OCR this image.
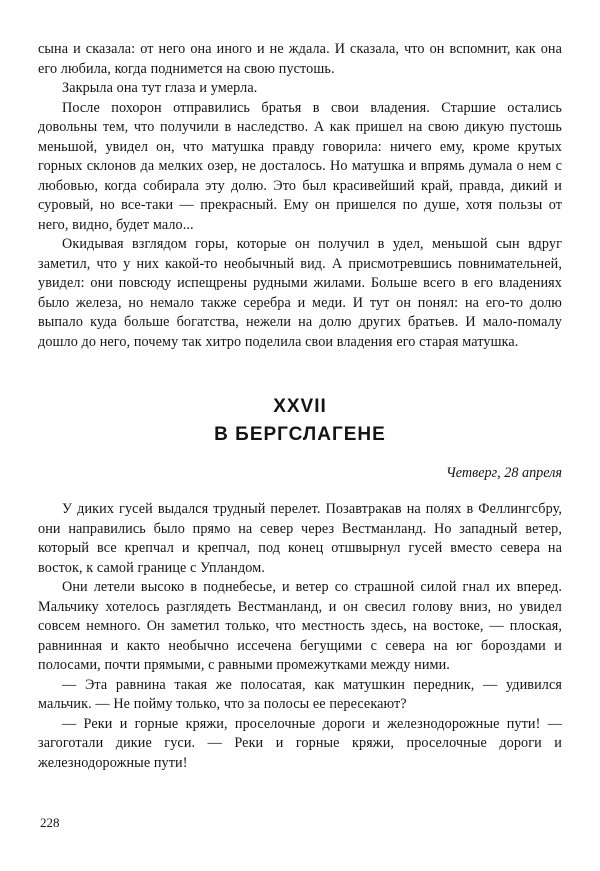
сына и сказала: от него она иного и не ждала. И сказала, что он вспомнит, как она его любила, когда поднимется на свою пустошь.

Закрыла она тут глаза и умерла.

После похорон отправились братья в свои владения. Старшие остались довольны тем, что получили в наследство. А как пришел на свою дикую пустошь меньшой, увидел он, что матушка правду говорила: ничего ему, кроме крутых горных склонов да мелких озер, не досталось. Но матушка и впрямь думала о нем с любовью, когда собирала эту долю. Это был красивейший край, правда, дикий и суровый, но все-таки — прекрасный. Ему он пришелся по душе, хотя пользы от него, видно, будет мало...

Окидывая взглядом горы, которые он получил в удел, меньшой сын вдруг заметил, что у них какой-то необычный вид. А присмотревшись повнимательней, увидел: они повсюду испещрены рудными жилами. Больше всего в его владениях было железа, но немало также серебра и меди. И тут он понял: на его-то долю выпало куда больше богатства, нежели на долю других братьев. И мало-помалу дошло до него, почему так хитро поделила свои владения его старая матушка.

XXVII
В БЕРГСЛАГЕНЕ
Четверг, 28 апреля

У диких гусей выдался трудный перелет. Позавтракав на полях в Феллингсбру, они направились было прямо на север через Вестманланд. Но западный ветер, который все крепчал и крепчал, под конец отшвырнул гусей вместо севера на восток, к самой границе с Упландом.

Они летели высоко в поднебесье, и ветер со страшной силой гнал их вперед. Мальчику хотелось разглядеть Вестманланд, и он свесил голову вниз, но увидел совсем немного. Он заметил только, что местность здесь, на востоке, — плоская, равнинная и както необычно иссечена бегущими с севера на юг бороздами и полосами, почти прямыми, с равными промежутками между ними.

— Эта равнина такая же полосатая, как матушкин передник, — удивился мальчик. — Не пойму только, что за полосы ее пересекают?

— Реки и горные кряжи, проселочные дороги и железнодорожные пути! — загоготали дикие гуси. — Реки и горные кряжи, проселочные дороги и железнодорожные пути!

228
